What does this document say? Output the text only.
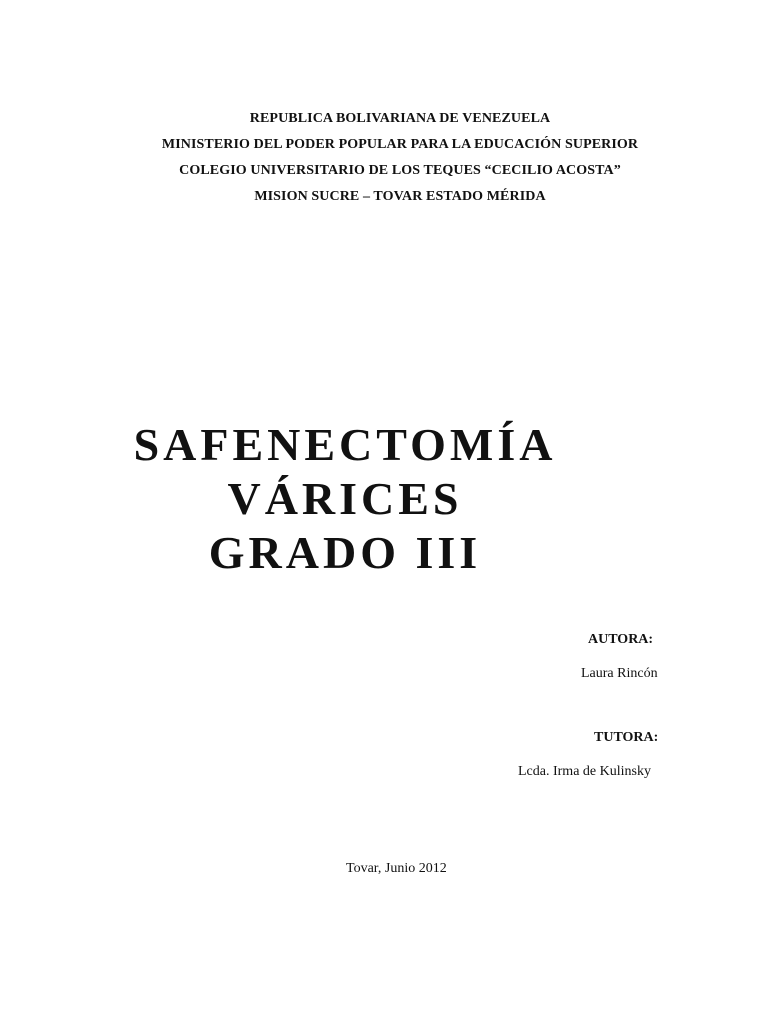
REPUBLICA BOLIVARIANA DE VENEZUELA
MINISTERIO DEL PODER POPULAR PARA LA EDUCACIÓN SUPERIOR
COLEGIO UNIVERSITARIO DE LOS TEQUES “CECILIO ACOSTA”
MISION SUCRE – TOVAR ESTADO MÉRIDA
SAFENECTOMÍA
VÁRICES
GRADO III
AUTORA:
Laura Rincón
TUTORA:
Lcda. Irma de Kulinsky
Tovar, Junio 2012
